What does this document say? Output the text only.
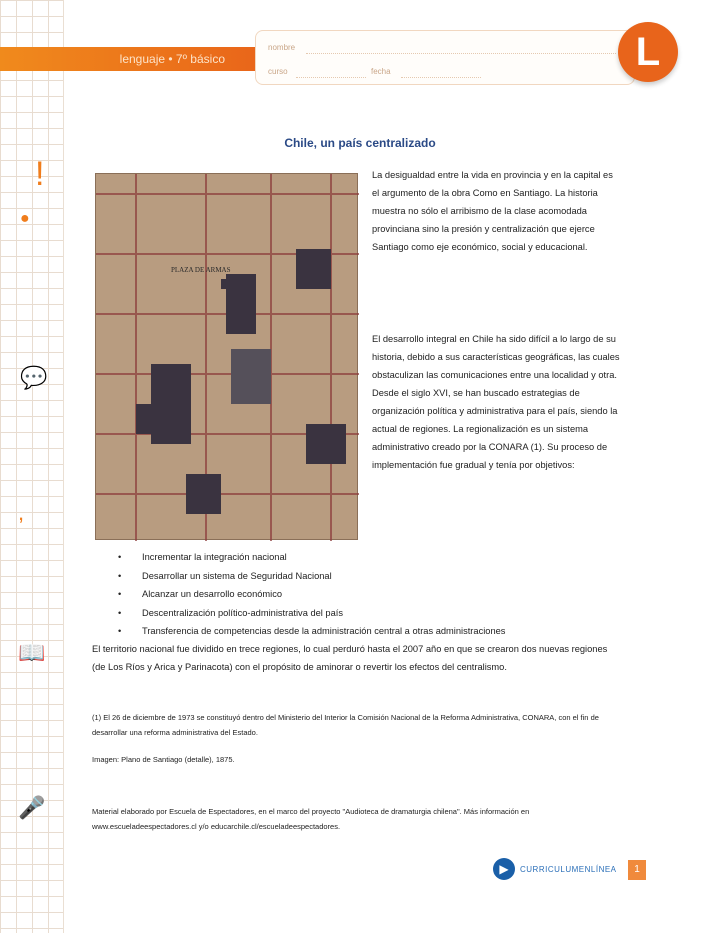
!
●
💬
,
📖
🎤
lenguaje • 7º básico
nombre
curso	fecha	L
Chile, un país centralizado
PLAZA DE ARMAS
La desigualdad entre la vida en provincia y en la capital es el argumento de la obra Como en Santiago. La historia muestra no sólo el arribismo de la clase acomodada provinciana sino la presión y centralización que ejerce Santiago como eje económico, social y educacional.
El desarrollo integral en Chile ha sido difícil a lo largo de su historia, debido a sus características geográficas, las cuales obstaculizan las comunicaciones entre una localidad y otra. Desde el siglo XVI, se han buscado estrategias de organización política y administrativa para el país, siendo la actual de regiones. La regionalización es un sistema administrativo creado por la CONARA (1). Su proceso de implementación fue gradual y tenía por objetivos:
• Incrementar la integración nacional
• Desarrollar un sistema de Seguridad Nacional
• Alcanzar un desarrollo económico
• Descentralización político-administrativa del país
• Transferencia de competencias desde la administración central a otras administraciones
El territorio nacional fue dividido en trece regiones, lo cual perduró hasta el 2007 año en que se crearon dos nuevas regiones (de Los Ríos y Arica y Parinacota) con el propósito de aminorar o revertir los efectos del centralismo.
(1) El 26 de diciembre de 1973 se constituyó dentro del Ministerio del Interior la Comisión Nacional de la Reforma Administrativa, CONARA, con el fin de desarrollar una reforma administrativa del Estado.
Imagen: Plano de Santiago (detalle), 1875.
Material elaborado por Escuela de Espectadores, en el marco del proyecto "Audioteca de dramaturgia chilena". Más información en www.escueladeespectadores.cl y/o educarchile.cl/escueladeespectadores.
▶	CURRICULUMENLÍNEA	1
